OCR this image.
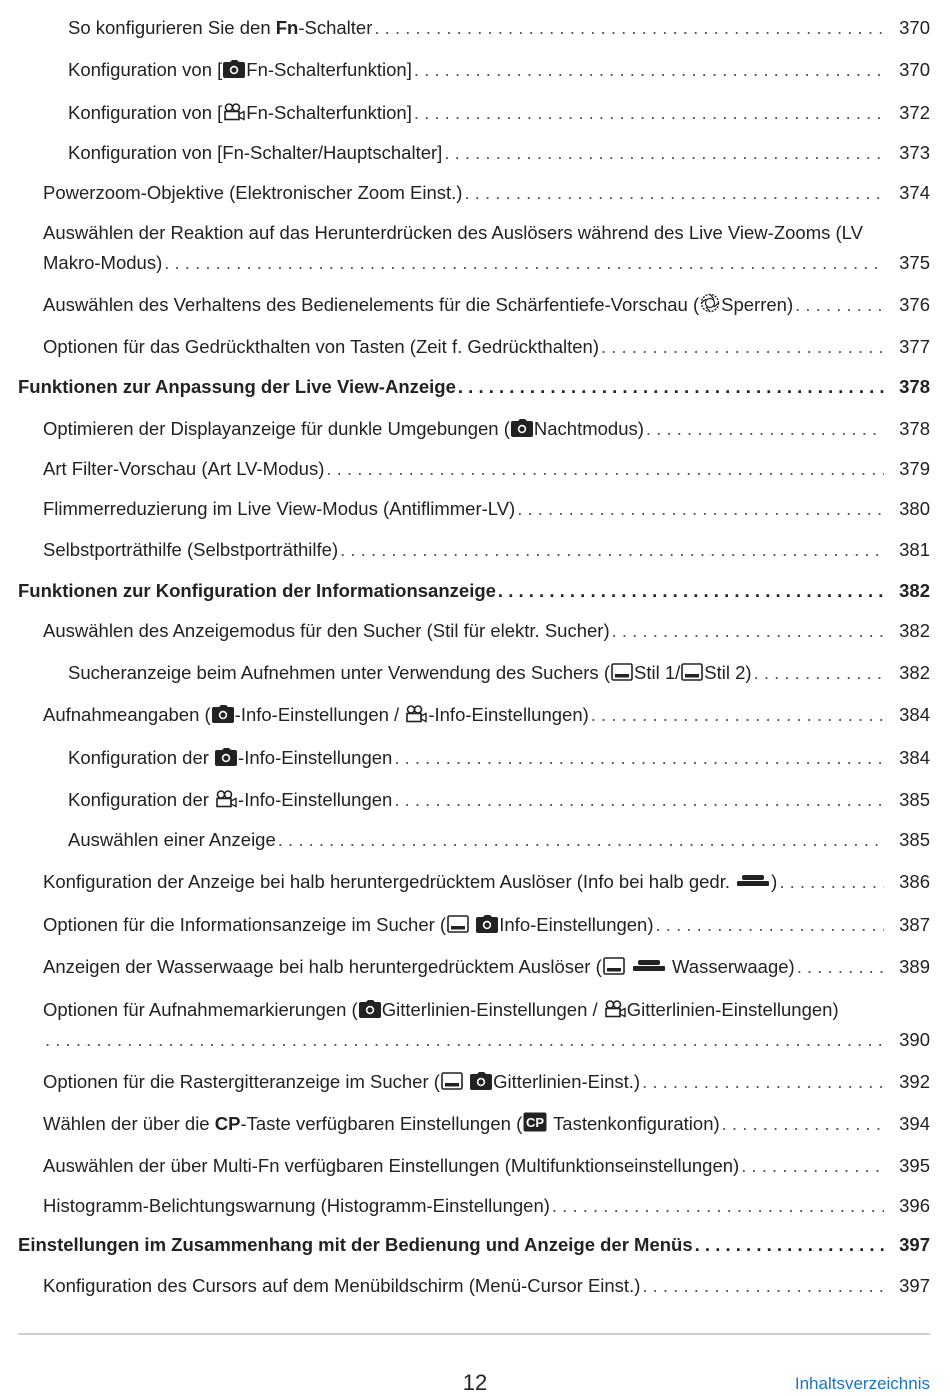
So konfigurieren Sie den Fn-Schalter . . .	370
Konfiguration von [ Fn-Schalterfunktion] . . .	370
Konfiguration von [ Fn-Schalterfunktion] . . .	372
Konfiguration von [Fn-Schalter/Hauptschalter] . . .	373
Powerzoom-Objektive (Elektronischer Zoom Einst.) . . .	374
Auswählen der Reaktion auf das Herunterdrücken des Auslösers während des Live View-Zooms (LV
Makro-Modus) . . .	375
Auswählen des Verhaltens des Bedienelements für die Schärfentiefe-Vorschau ( Sperren) . . .	376
Optionen für das Gedrückthalten von Tasten (Zeit f. Gedrückthalten) . . .	377
Funktionen zur Anpassung der Live View-Anzeige . . .	378
Optimieren der Displayanzeige für dunkle Umgebungen ( Nachtmodus) . . .	378
Art Filter-Vorschau (Art LV-Modus) . . .	379
Flimmerreduzierung im Live View-Modus (Antiflimmer-LV) . . .	380
Selbstporträthilfe (Selbstporträthilfe) . . .	381
Funktionen zur Konfiguration der Informationsanzeige . . .	382
Auswählen des Anzeigemodus für den Sucher (Stil für elektr. Sucher) . . .	382
Sucheranzeige beim Aufnehmen unter Verwendung des Suchers ( Stil 1/ Stil 2) . . .	382
Aufnahmeangaben ( -Info-Einstellungen /
-Info-Einstellungen) . . .	384
Konfiguration der
-Info-Einstellungen . . .	384
Konfiguration der
-Info-Einstellungen . . .	385
Auswählen einer Anzeige . . .	385
Konfiguration der Anzeige bei halb heruntergedrücktem Auslöser (Info bei halb gedr.
) . . .	386
Optionen für die Informationsanzeige im Sucher (
	Info-Einstellungen) . . .	387
Anzeigen der Wasserwaage bei halb heruntergedrücktem Auslöser (
	Wasserwaage) . . .	389
Optionen für Aufnahmemarkierungen ( Gitterlinien-Einstellungen /
Gitterlinien-Einstellungen)
. . .
390
Optionen für die Rastergitteranzeige im Sucher (
	Gitterlinien-Einst.) . . .	392
Wählen der über die CP-Taste verfügbaren Einstellungen ( CP Tastenkonfiguration) . . .	394
Auswählen der über Multi-Fn verfügbaren Einstellungen (Multifunktionseinstellungen) . . .	395
Histogramm-Belichtungswarnung (Histogramm-Einstellungen) . . .	396
Einstellungen im Zusammenhang mit der Bedienung und Anzeige der Menüs . . .	397
Konfiguration des Cursors auf dem Menübildschirm (Menü-Cursor Einst.) . . .	397
12	Inhaltsverzeichnis
